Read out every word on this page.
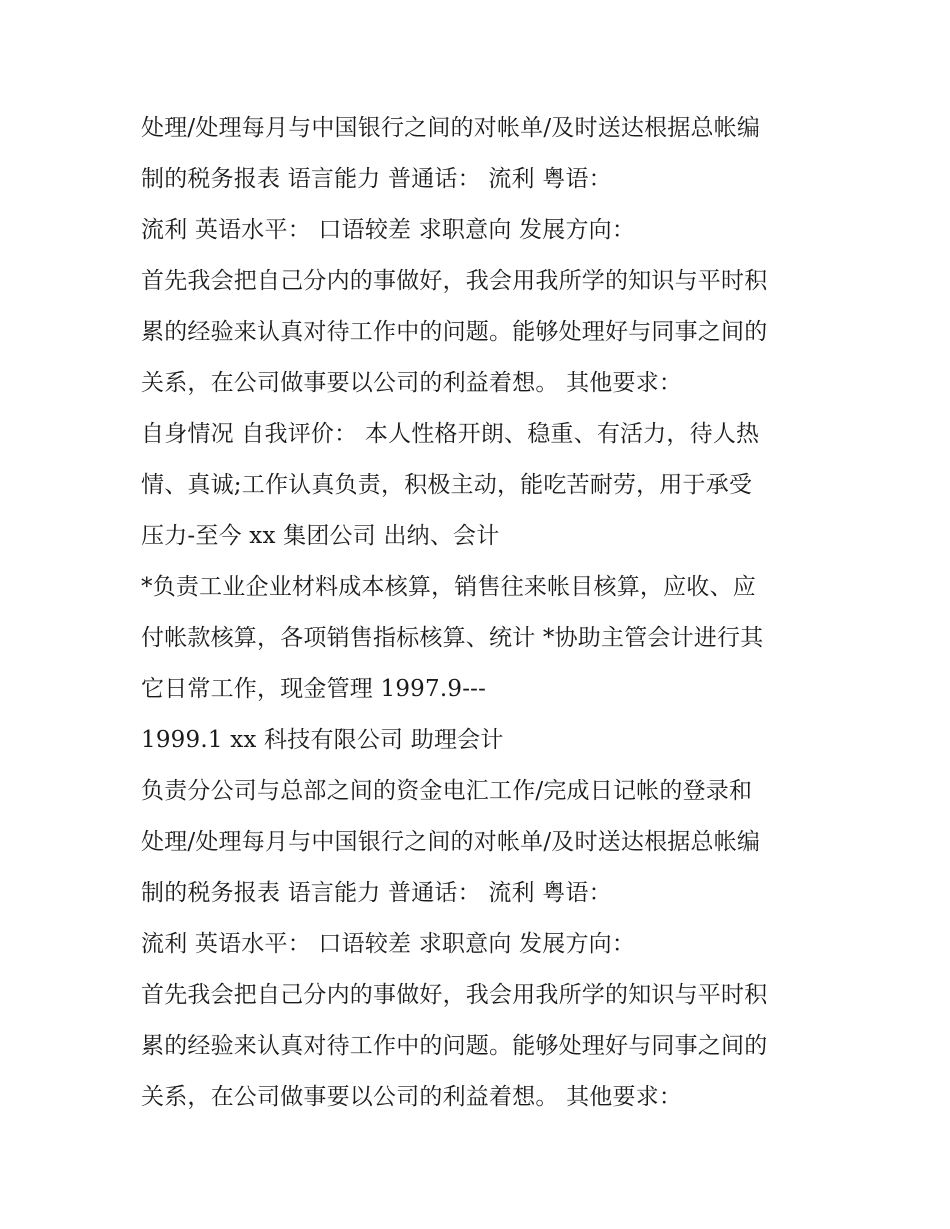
处理/处理每月与中国银行之间的对帐单/及时送达根据总帐编
制的税务报表 语言能力 普通话： 流利 粤语：
流利 英语水平： 口语较差 求职意向 发展方向：
首先我会把自己分内的事做好，我会用我所学的知识与平时积
累的经验来认真对待工作中的问题。能够处理好与同事之间的
关系，在公司做事要以公司的利益着想。 其他要求：
自身情况 自我评价： 本人性格开朗、稳重、有活力，待人热
情、真诚;工作认真负责，积极主动，能吃苦耐劳，用于承受
压力-至今 xx 集团公司 出纳、会计
*负责工业企业材料成本核算，销售往来帐目核算，应收、应
付帐款核算，各项销售指标核算、统计 *协助主管会计进行其
它日常工作，现金管理 1997.9---
1999.1 xx 科技有限公司 助理会计
负责分公司与总部之间的资金电汇工作/完成日记帐的登录和
处理/处理每月与中国银行之间的对帐单/及时送达根据总帐编
制的税务报表 语言能力 普通话： 流利 粤语：
流利 英语水平： 口语较差 求职意向 发展方向：
首先我会把自己分内的事做好，我会用我所学的知识与平时积
累的经验来认真对待工作中的问题。能够处理好与同事之间的
关系，在公司做事要以公司的利益着想。 其他要求：
